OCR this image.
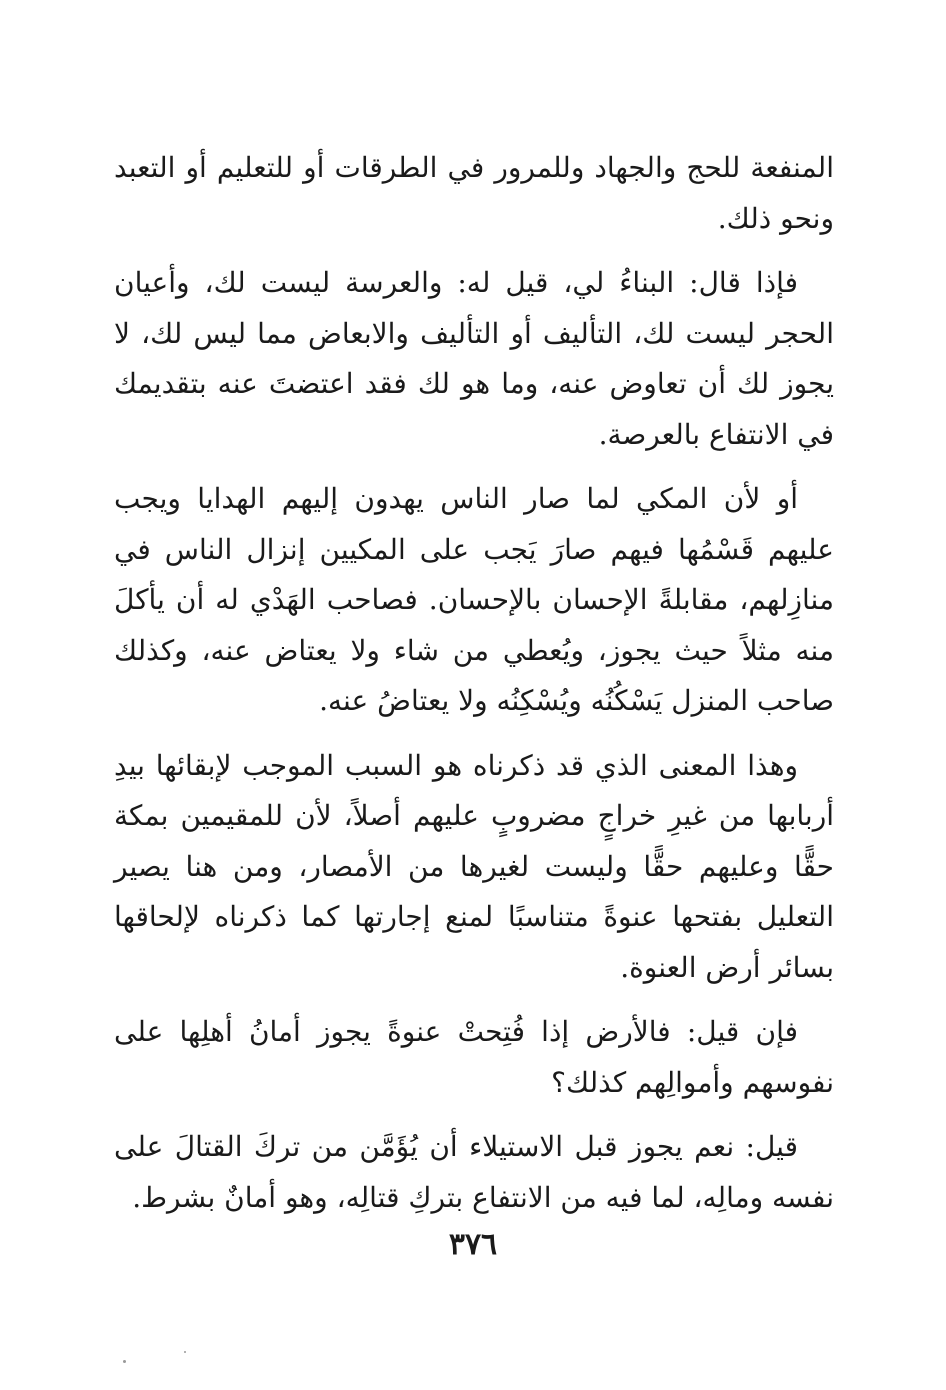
المنفعة للحج والجهاد وللمرور في الطرقات أو للتعليم أو التعبد ونحو ذلك.

فإذا قال: البناءُ لي، قيل له: والعرسة ليست لك، وأعيان الحجر ليست لك، التأليف أو التأليف والابعاض مما ليس لك، لا يجوز لك أن تعاوض عنه، وما هو لك فقد اعتضتَ عنه بتقديمك في الانتفاع بالعرصة.

أو لأن المكي لما صار الناس يهدون إليهم الهدايا ويجب عليهم قَسْمُها فيهم صارَ يَجب على المكيين إنزال الناس في منازِلهم، مقابلةً الإحسان بالإحسان. فصاحب الهَدْي له أن يأكلَ منه مثلاً حيث يجوز، ويُعطي من شاء ولا يعتاض عنه، وكذلك صاحب المنزل يَسْكُنُه ويُسْكِنُه ولا يعتاضُ عنه.

وهذا المعنى الذي قد ذكرناه هو السبب الموجب لإبقائها بيدِ أربابها من غيرِ خراجٍ مضروبٍ عليهم أصلاً، لأن للمقيمين بمكة حقًّا وعليهم حقًّا وليست لغيرها من الأمصار، ومن هنا يصير التعليل بفتحها عنوةً متناسبًا لمنع إجارتها كما ذكرناه لإلحاقها بسائر أرض العنوة.

فإن قيل: فالأرض إذا فُتِحتْ عنوةً يجوز أمانُ أهلِها على نفوسهم وأموالِهم كذلك؟

قيل: نعم يجوز قبل الاستيلاء أن يُؤَمَّن من تركَ القتالَ على نفسه ومالِه، لما فيه من الانتفاع بتركِ قتالِه، وهو أمانٌ بشرط.

٣٧٦
